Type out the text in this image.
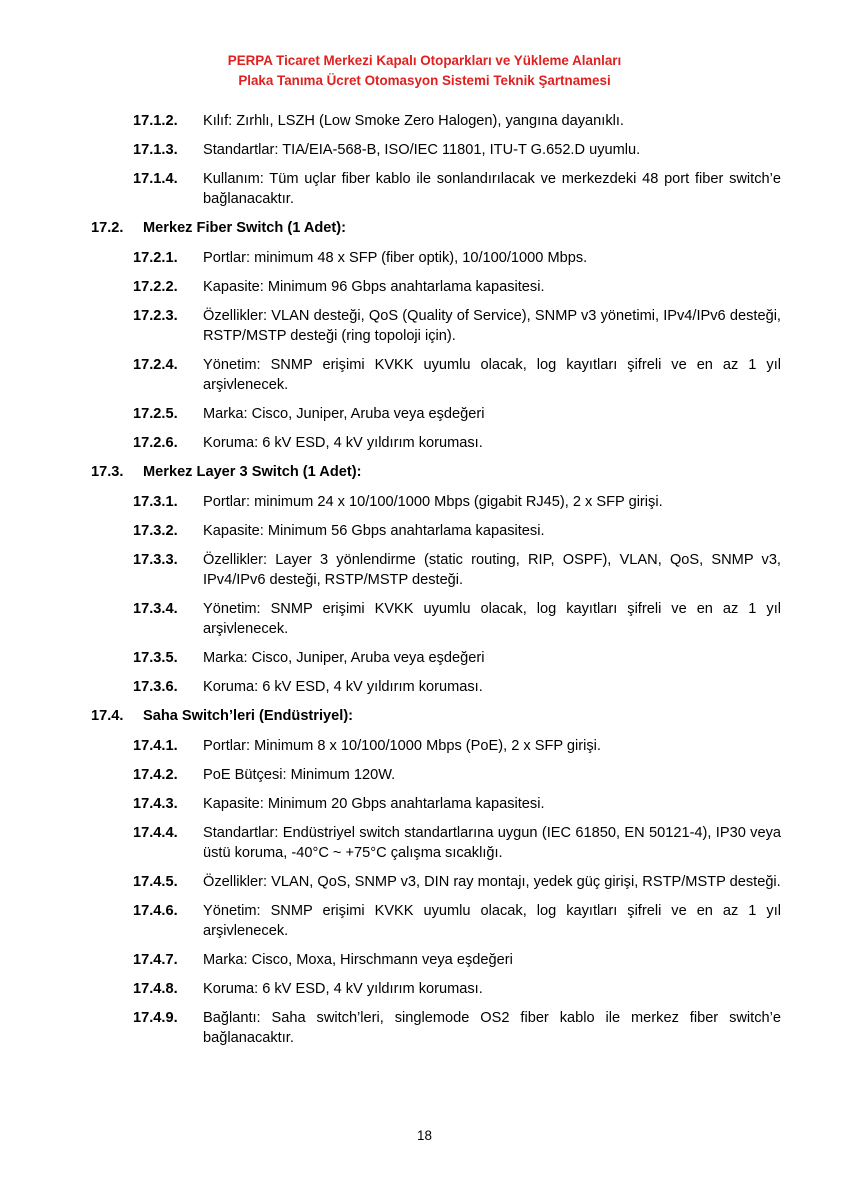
PERPA Ticaret Merkezi Kapalı Otoparkları ve Yükleme Alanları
Plaka Tanıma Ücret Otomasyon Sistemi Teknik Şartnamesi
17.1.2.	Kılıf: Zırhlı, LSZH (Low Smoke Zero Halogen), yangına dayanıklı.
17.1.3.	Standartlar: TIA/EIA-568-B, ISO/IEC 11801, ITU-T G.652.D uyumlu.
17.1.4.	Kullanım: Tüm uçlar fiber kablo ile sonlandırılacak ve merkezdeki 48 port fiber switch’e bağlanacaktır.
17.2.	Merkez Fiber Switch (1 Adet):
17.2.1.	Portlar: minimum 48 x SFP (fiber optik), 10/100/1000 Mbps.
17.2.2.	Kapasite: Minimum 96 Gbps anahtarlama kapasitesi.
17.2.3.	Özellikler: VLAN desteği, QoS (Quality of Service), SNMP v3 yönetimi, IPv4/IPv6 desteği, RSTP/MSTP desteği (ring topoloji için).
17.2.4.	Yönetim: SNMP erişimi KVKK uyumlu olacak, log kayıtları şifreli ve en az 1 yıl arşivlenecek.
17.2.5.	Marka: Cisco, Juniper, Aruba veya eşdeğeri
17.2.6.	Koruma: 6 kV ESD, 4 kV yıldırım koruması.
17.3.	Merkez Layer 3 Switch (1 Adet):
17.3.1.	Portlar: minimum 24 x 10/100/1000 Mbps (gigabit RJ45), 2 x SFP girişi.
17.3.2.	Kapasite: Minimum 56 Gbps anahtarlama kapasitesi.
17.3.3.	Özellikler: Layer 3 yönlendirme (static routing, RIP, OSPF), VLAN, QoS, SNMP v3, IPv4/IPv6 desteği, RSTP/MSTP desteği.
17.3.4.	Yönetim: SNMP erişimi KVKK uyumlu olacak, log kayıtları şifreli ve en az 1 yıl arşivlenecek.
17.3.5.	Marka: Cisco, Juniper, Aruba veya eşdeğeri
17.3.6.	Koruma: 6 kV ESD, 4 kV yıldırım koruması.
17.4.	Saha Switch’leri (Endüstriyel):
17.4.1.	Portlar: Minimum 8 x 10/100/1000 Mbps (PoE), 2 x SFP girişi.
17.4.2.	PoE Bütçesi: Minimum 120W.
17.4.3.	Kapasite: Minimum 20 Gbps anahtarlama kapasitesi.
17.4.4.	Standartlar: Endüstriyel switch standartlarına uygun (IEC 61850, EN 50121-4), IP30 veya üstü koruma, -40°C ~ +75°C çalışma sıcaklığı.
17.4.5.	Özellikler: VLAN, QoS, SNMP v3, DIN ray montajı, yedek güç girişi, RSTP/MSTP desteği.
17.4.6.	Yönetim: SNMP erişimi KVKK uyumlu olacak, log kayıtları şifreli ve en az 1 yıl arşivlenecek.
17.4.7.	Marka: Cisco, Moxa, Hirschmann veya eşdeğeri
17.4.8.	Koruma: 6 kV ESD, 4 kV yıldırım koruması.
17.4.9.	Bağlantı: Saha switch’leri, singlemode OS2 fiber kablo ile merkez fiber switch’e bağlanacaktır.
18
